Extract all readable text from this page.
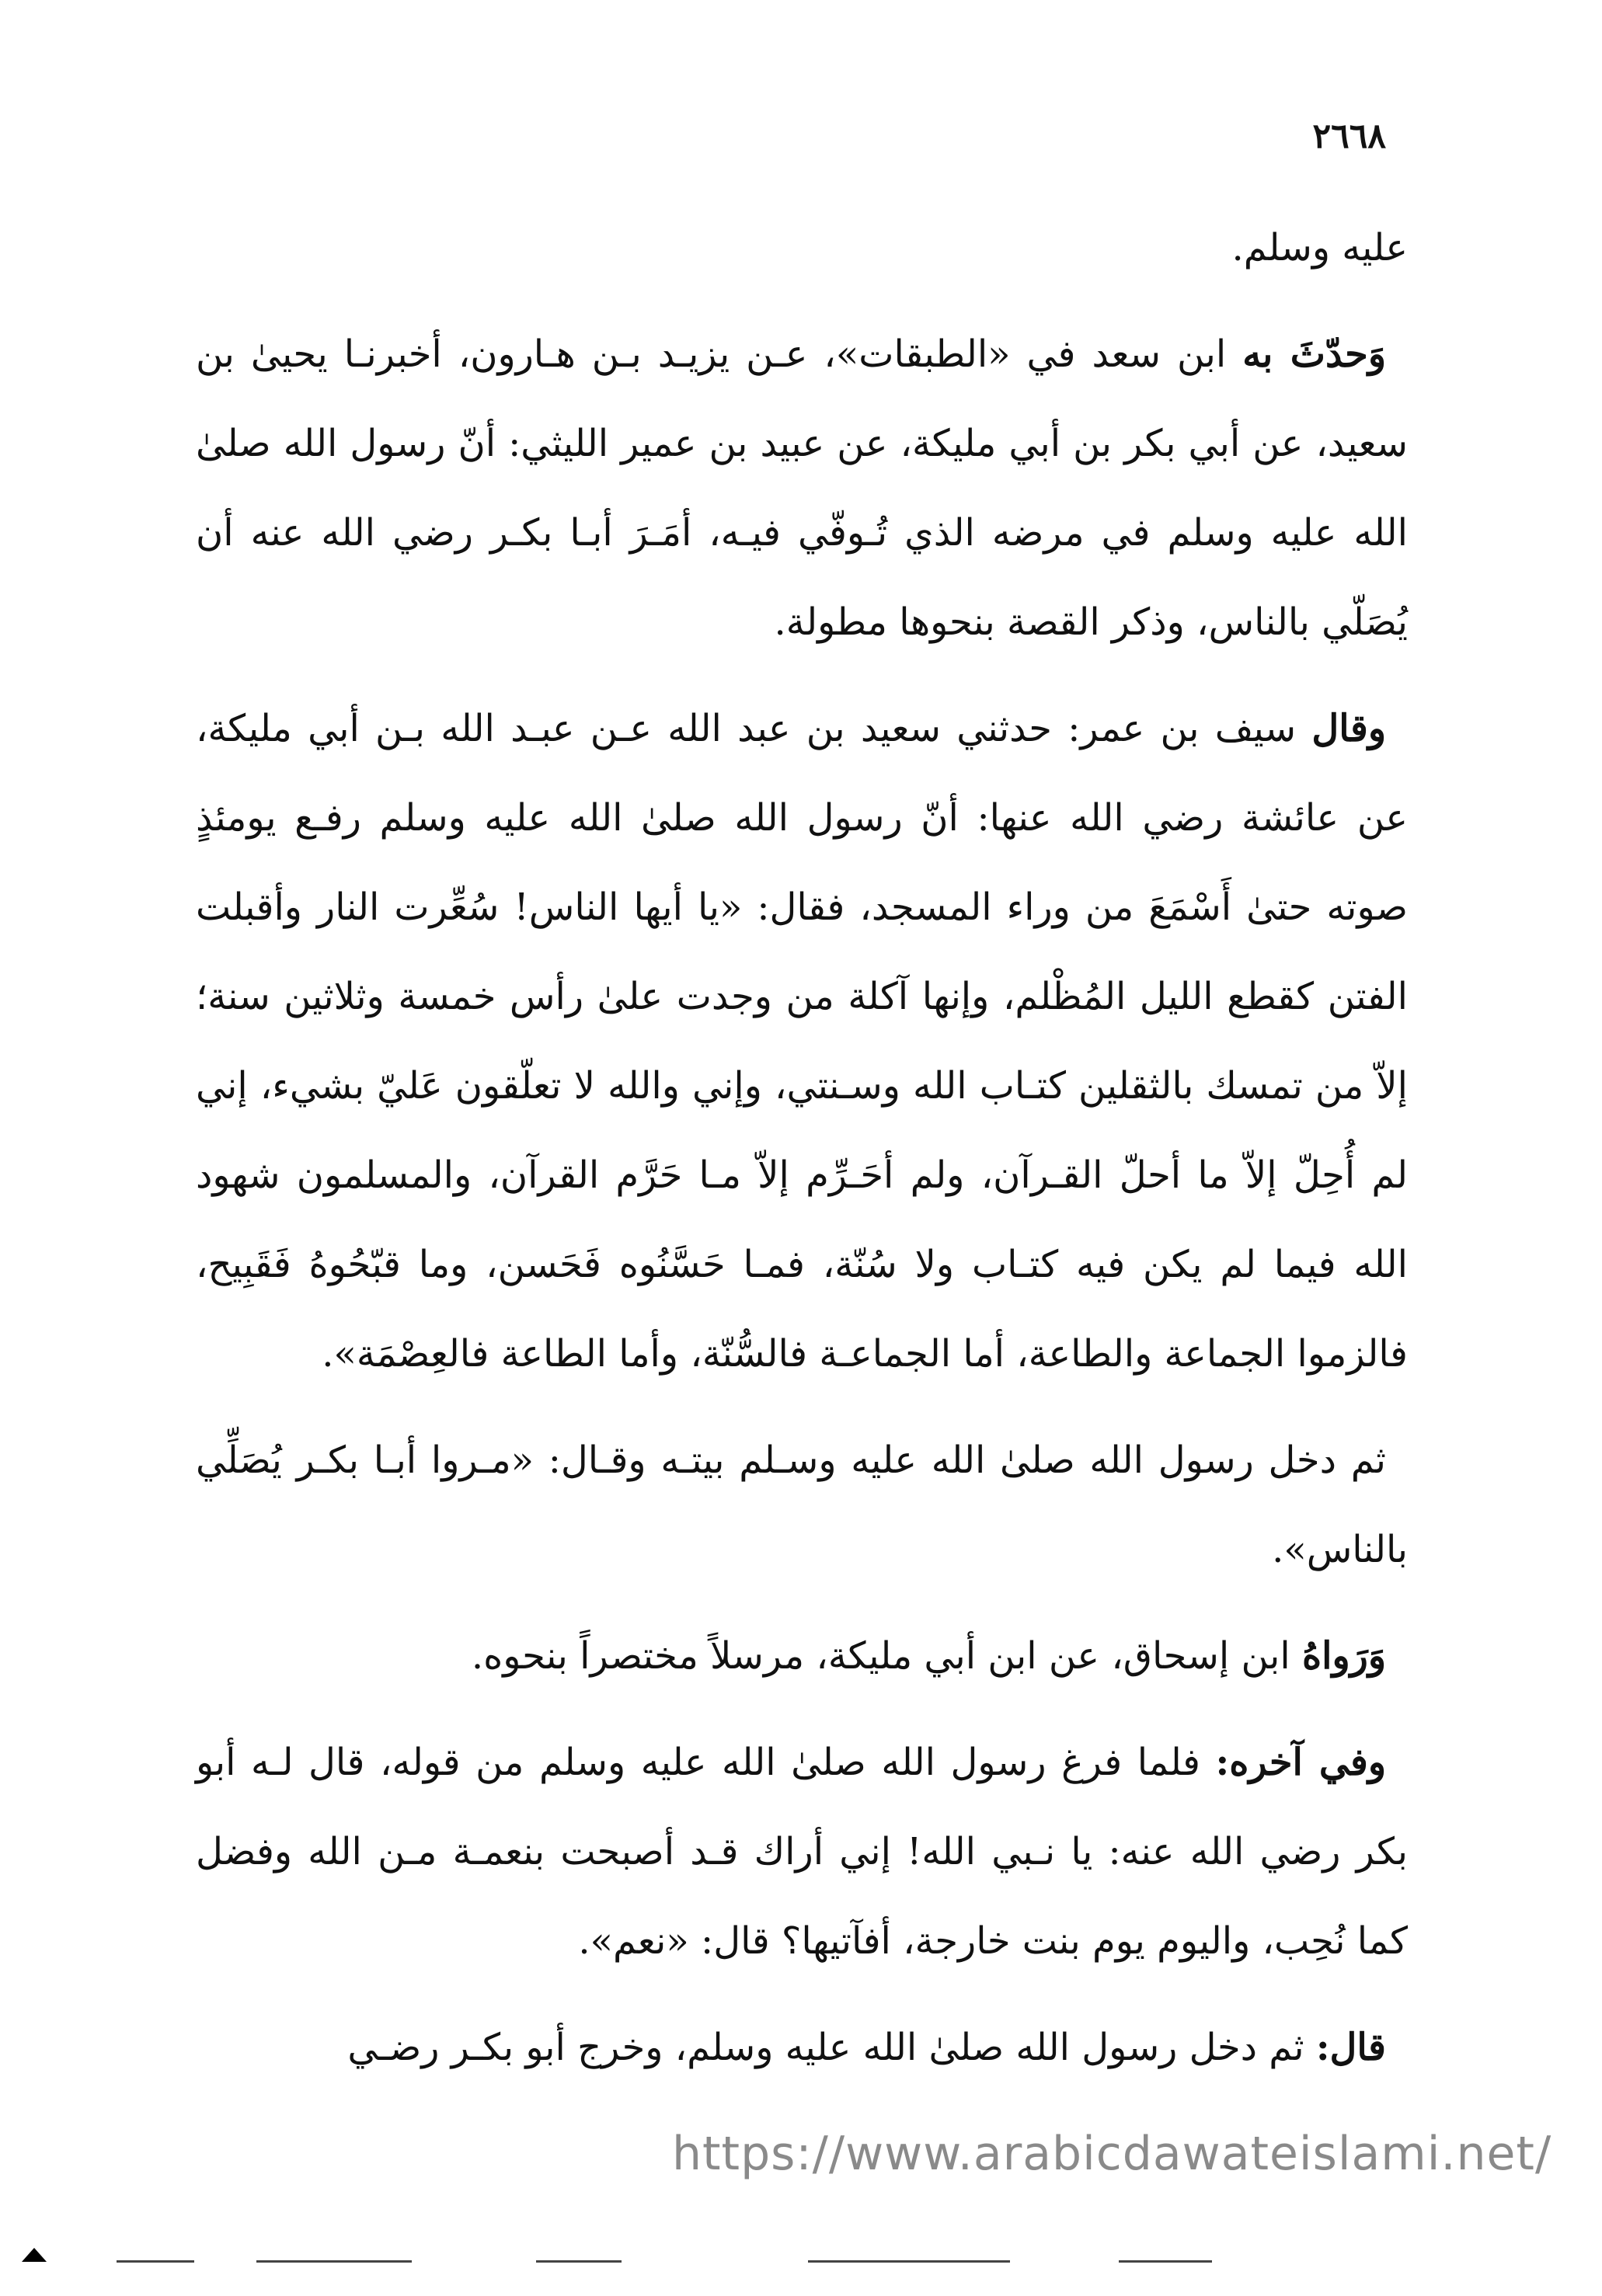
٢٦٦٨

عليه وسلم.

وَحدّثَ به ابن سعد في «الطبقات»، عـن يزيـد بـن هـارون، أخبرنـا يحيىٰ بن سعيد، عن أبي بكر بن أبي مليكة، عن عبيد بن عمير الليثي: أنّ رسول الله صلىٰ الله عليه وسلم في مرضه الذي تُـوفّي فيـه، أمَـرَ أبـا بكـر رضي الله عنه أن يُصَلّي بالناس، وذكر القصة بنحوها مطولة.

وقال سيف بن عمر: حدثني سعيد بن عبد الله عـن عبـد الله بـن أبي مليكة، عن عائشة رضي الله عنها: أنّ رسول الله صلىٰ الله عليه وسلم رفـع يومئذٍ صوته حتىٰ أَسْمَعَ من وراء المسجد، فقال: «يا أيها الناس! سُعِّرت النار وأقبلت الفتن كقطع الليل المُظْلم، وإنها آكلة من وجدت علىٰ رأس خمسة وثلاثين سنة؛ إلاّ من تمسك بالثقلين كتـاب الله وسـنتي، وإني والله لا تعلّقون عَليّ بشيء، إني لم أُحِلّ إلاّ ما أحلّ القـرآن، ولم أحَـرِّم إلاّ مـا حَرَّم القرآن، والمسلمون شهود الله فيما لم يكن فيه كتـاب ولا سُنّة، فمـا حَسَّنُوه فَحَسن، وما قبّحُوهُ فَقَبِيح، فالزموا الجماعة والطاعة، أما الجماعـة فالسُّنّة، وأما الطاعة فالعِصْمَة».

ثم دخل رسول الله صلىٰ الله عليه وسـلم بيتـه وقـال: «مـروا أبـا بكـر يُصَلِّي بالناس».

وَرَواهُ ابن إسحاق، عن ابن أبي مليكة، مرسلاً مختصراً بنحوه.

وفي آخره: فلما فرغ رسول الله صلىٰ الله عليه وسلم من قوله، قال لـه أبو بكر رضي الله عنه: يا نـبي الله! إني أراك قـد أصبحت بنعمـة مـن الله وفضل كما نُحِب، واليوم يوم بنت خارجة، أفآتيها؟ قال: «نعم».

قال: ثم دخل رسول الله صلىٰ الله عليه وسلم، وخرج أبو بكـر رضـي

https://www.arabicdawateislami.net/
